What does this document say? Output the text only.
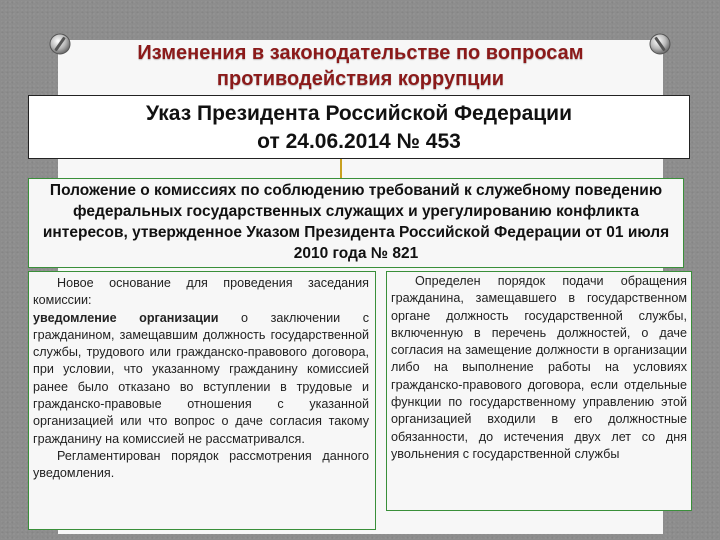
Изменения в законодательстве по вопросам противодействия коррупции
Указ Президента Российской Федерации
от 24.06.2014 № 453
Положение о комиссиях по соблюдению требований к служебному поведению федеральных государственных служащих и урегулированию конфликта интересов, утвержденное Указом Президента Российской Федерации от 01 июля 2010 года № 821

Новое основание для проведения заседания комиссии:

уведомление организации о заключении с гражданином, замещавшим должность государственной службы, трудового или гражданско-правового договора, при условии, что указанному гражданину комиссией ранее было отказано во вступлении в трудовые и гражданско-правовые отношения с указанной организацией или что вопрос о даче согласия такому гражданину на комиссией не рассматривался.

Регламентирован порядок рассмотрения данного уведомления.

Определен порядок подачи обращения гражданина, замещавшего в государственном органе должность государственной службы, включенную в перечень должностей, о даче согласия на замещение должности в организации либо на выполнение работы на условиях гражданско-правового договора, если отдельные функции по государственному управлению этой организацией входили в его должностные обязанности, до истечения двух лет со дня увольнения с государственной службы
